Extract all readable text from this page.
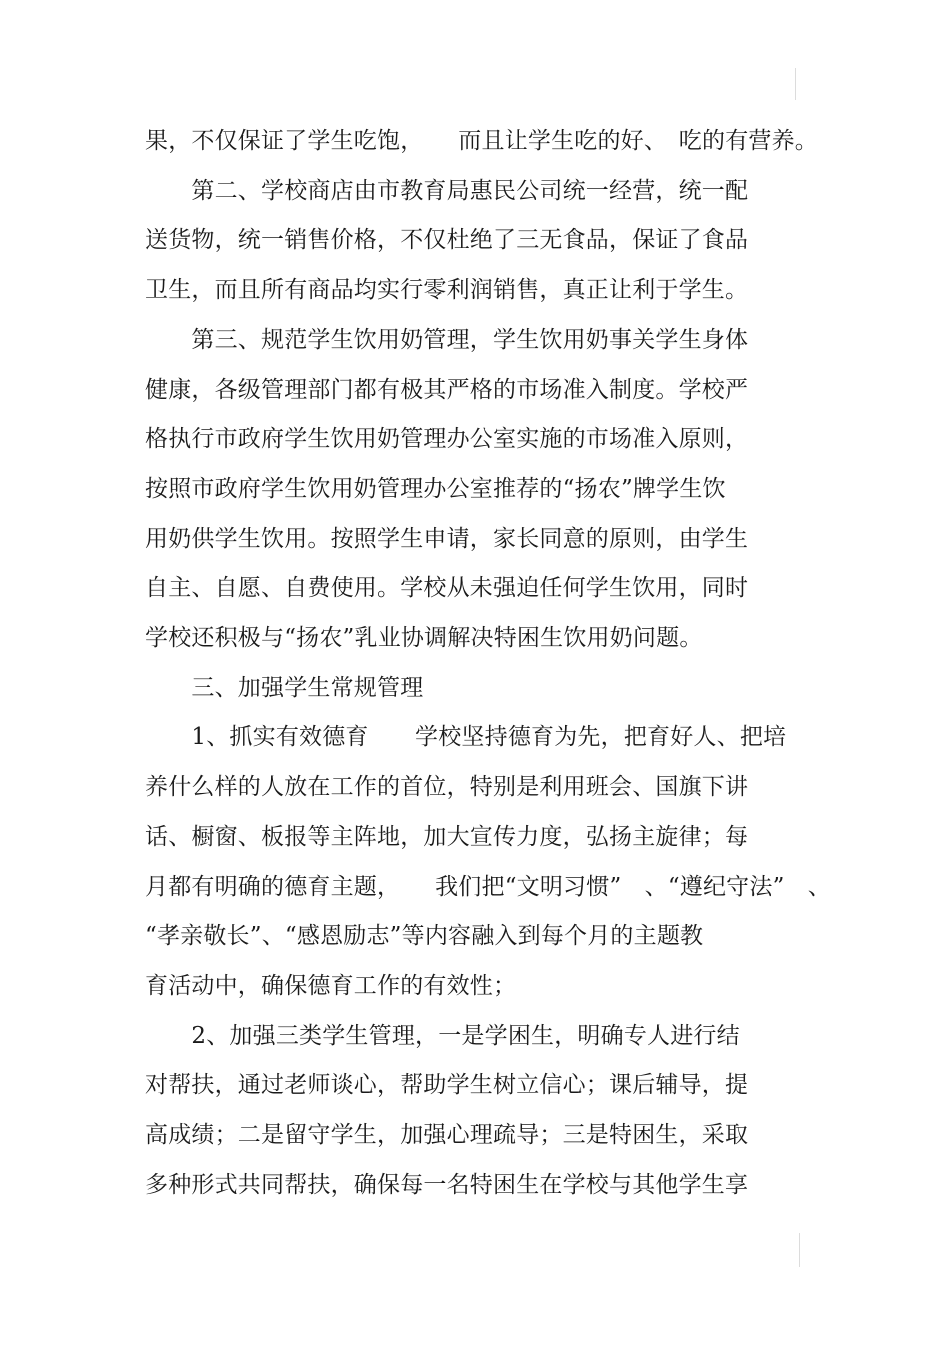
果，不仅保证了学生吃饱，　　而且让学生吃的好、　吃的有营养。
　　第二、学校商店由市教育局惠民公司统一经营，统一配
送货物，统一销售价格，不仅杜绝了三无食品，保证了食品
卫生，而且所有商品均实行零利润销售，真正让利于学生。
　　第三、规范学生饮用奶管理，学生饮用奶事关学生身体
健康，各级管理部门都有极其严格的市场准入制度。学校严
格执行市政府学生饮用奶管理办公室实施的市场准入原则，
按照市政府学生饮用奶管理办公室推荐的“扬农”牌学生饮
用奶供学生饮用。按照学生申请，家长同意的原则，由学生
自主、自愿、自费使用。学校从未强迫任何学生饮用，同时
学校还积极与“扬农”乳业协调解决特困生饮用奶问题。
　　三、加强学生常规管理
　　1、抓实有效德育　　学校坚持德育为先，把育好人、把培
养什么样的人放在工作的首位，特别是利用班会、国旗下讲
话、橱窗、板报等主阵地，加大宣传力度，弘扬主旋律；每
月都有明确的德育主题，　　我们把“文明习惯”　、“遵纪守法”　、
“孝亲敬长”、“感恩励志”等内容融入到每个月的主题教
育活动中，确保德育工作的有效性；
　　2、加强三类学生管理，一是学困生，明确专人进行结
对帮扶，通过老师谈心，帮助学生树立信心；课后辅导，提
高成绩；二是留守学生，加强心理疏导；三是特困生，采取
多种形式共同帮扶，确保每一名特困生在学校与其他学生享
